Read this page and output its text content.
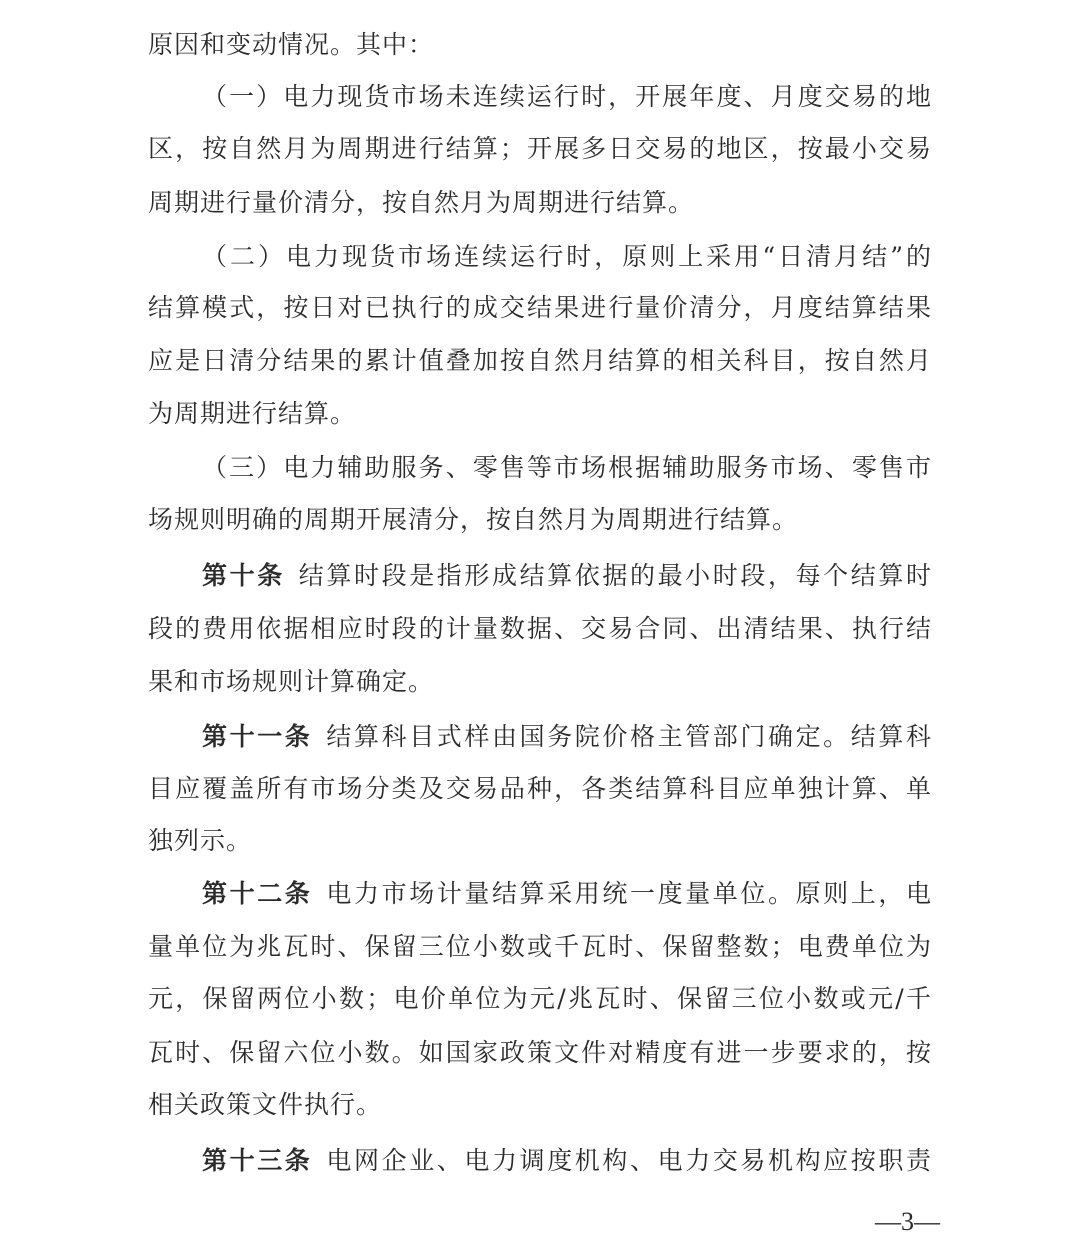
原因和变动情况。其中：
（一）电力现货市场未连续运行时，开展年度、月度交易的地
区，按自然月为周期进行结算；开展多日交易的地区，按最小交易
周期进行量价清分，按自然月为周期进行结算。
（二）电力现货市场连续运行时，原则上采用“日清月结”的
结算模式，按日对已执行的成交结果进行量价清分，月度结算结果
应是日清分结果的累计值叠加按自然月结算的相关科目，按自然月
为周期进行结算。
（三）电力辅助服务、零售等市场根据辅助服务市场、零售市
场规则明确的周期开展清分，按自然月为周期进行结算。
第十条 结算时段是指形成结算依据的最小时段，每个结算时
段的费用依据相应时段的计量数据、交易合同、出清结果、执行结
果和市场规则计算确定。
第十一条 结算科目式样由国务院价格主管部门确定。结算科
目应覆盖所有市场分类及交易品种，各类结算科目应单独计算、单
独列示。
第十二条 电力市场计量结算采用统一度量单位。原则上，电
量单位为兆瓦时、保留三位小数或千瓦时、保留整数；电费单位为
元，保留两位小数；电价单位为元/兆瓦时、保留三位小数或元/千
瓦时、保留六位小数。如国家政策文件对精度有进一步要求的，按
相关政策文件执行。
第十三条 电网企业、电力调度机构、电力交易机构应按职责
—3—
